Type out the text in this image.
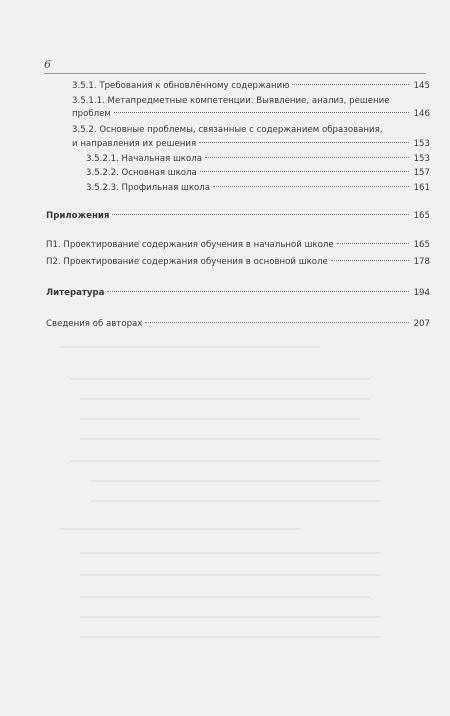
6
3.5.1. Требования к обновлённому содержанию	145
3.5.1.1. Метапредметные компетенции. Выявление, анализ, решение
проблем	146
3.5.2. Основные проблемы, связанные с содержанием образования,
и направления их решения	153
3.5.2.1. Начальная школа	153
3.5.2.2. Основная школа	157
3.5.2.3. Профильная школа	161
Приложения	165
П1. Проектирование содержания обучения в начальной школе	165
П2. Проектирование содержания обучения в основной школе	178
Литература	194
Сведения об авторах	207
